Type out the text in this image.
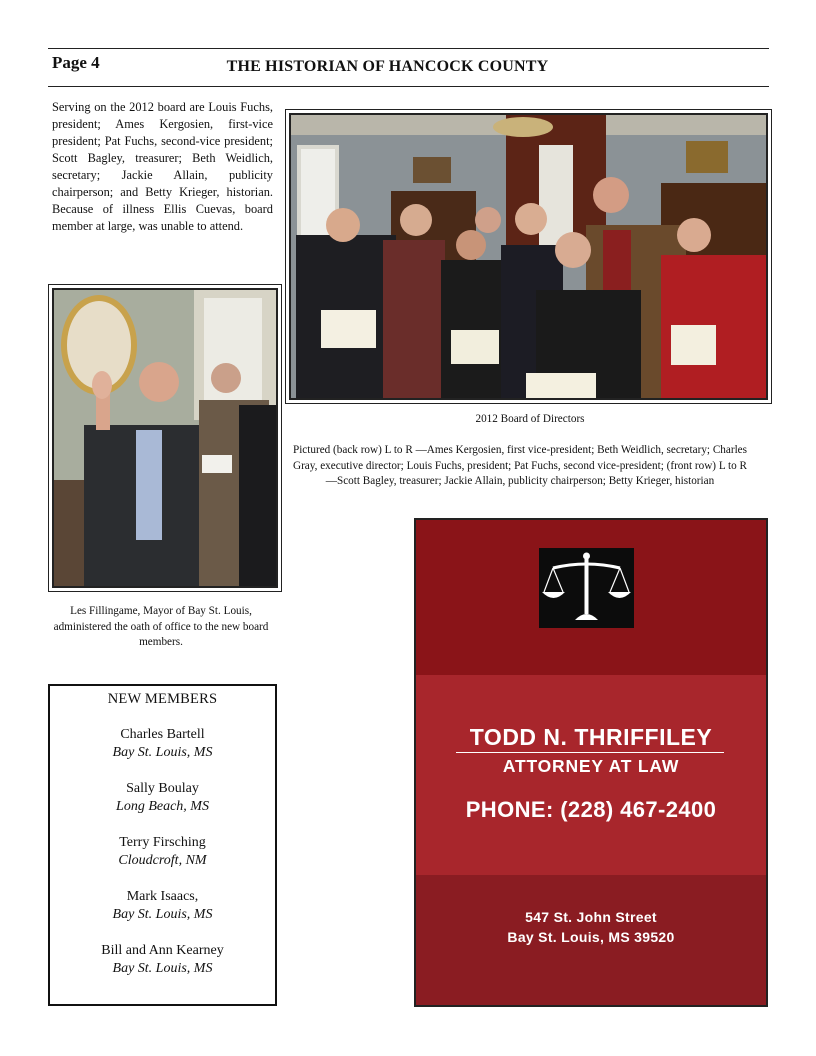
Page 4	THE HISTORIAN OF HANCOCK COUNTY
Serving on the 2012 board are Louis Fuchs, president; Ames Kergosien, first-vice president; Pat Fuchs, second-vice president; Scott Bagley, treasurer; Beth Weidlich, secretary; Jackie Allain, publicity chairperson; and Betty Krieger, historian. Because of illness Ellis Cuevas, board member at large, was unable to attend.
2012 Board of Directors
Pictured (back row) L to R —Ames Kergosien, first vice-president; Beth Weidlich, secretary; Charles Gray, executive director; Louis Fuchs, president; Pat Fuchs, second vice-president; (front row) L to R —Scott Bagley, treasurer; Jackie Allain, publicity chairperson; Betty Krieger, historian
Les Fillingame, Mayor of Bay St. Louis, administered the oath of office to the new board members.
NEW MEMBERS
Charles Bartell
Bay St. Louis, MS
Sally Boulay
Long Beach, MS
Terry Firsching
Cloudcroft, NM
Mark Isaacs,
Bay St. Louis, MS
Bill and Ann Kearney
Bay St. Louis, MS
TODD N. THRIFFILEY
ATTORNEY AT LAW
PHONE: (228) 467-2400
547 St. John Street
Bay St. Louis, MS 39520
